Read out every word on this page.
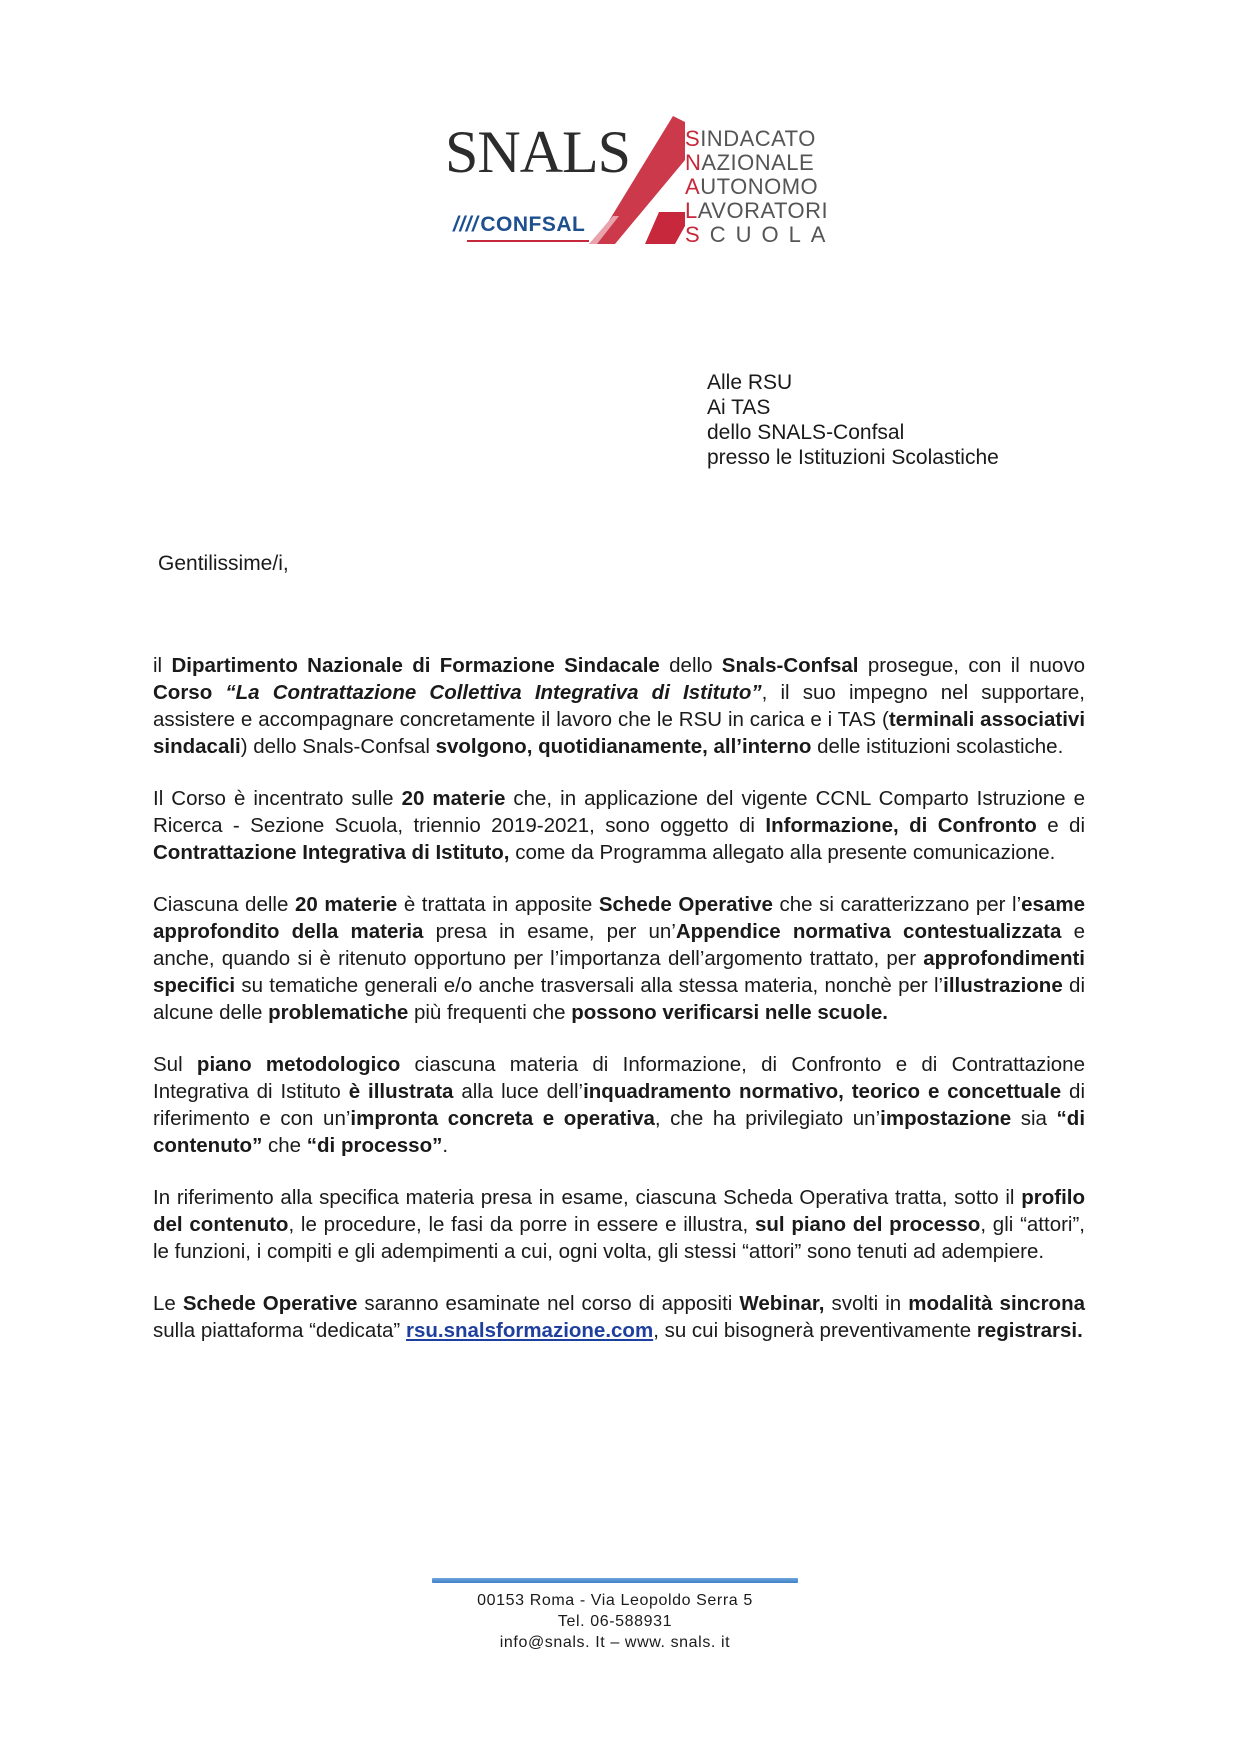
SNALS
////CONFSAL
SINDACATO
NAZIONALE
AUTONOMO
LAVORATORI
SCUOLA
Alle RSU
Ai TAS
dello SNALS-Confsal
presso le Istituzioni Scolastiche
Gentilissime/i,

il Dipartimento Nazionale di Formazione Sindacale dello Snals-Confsal prosegue, con il nuovo Corso “La Contrattazione Collettiva Integrativa di Istituto”, il suo impegno nel supportare, assistere e accompagnare concretamente il lavoro che le RSU in carica e i TAS (terminali associativi sindacali) dello Snals-Confsal svolgono, quotidianamente, all’interno delle istituzioni scolastiche.

Il Corso è incentrato sulle 20 materie che, in applicazione del vigente CCNL Comparto Istruzione e Ricerca - Sezione Scuola, triennio 2019-2021, sono oggetto di Informazione, di Confronto e di Contrattazione Integrativa di Istituto, come da Programma allegato alla presente comunicazione.

Ciascuna delle 20 materie è trattata in apposite Schede Operative che si caratterizzano per l’esame approfondito della materia presa in esame, per un’Appendice normativa contestualizzata e anche, quando si è ritenuto opportuno per l’importanza dell’argomento trattato, per approfondimenti specifici su tematiche generali e/o anche trasversali alla stessa materia, nonchè per l’illustrazione di alcune delle problematiche più frequenti che possono verificarsi nelle scuole.

Sul piano metodologico ciascuna materia di Informazione, di Confronto e di Contrattazione Integrativa di Istituto è illustrata alla luce dell’inquadramento normativo, teorico e concettuale di riferimento e con un’impronta concreta e operativa, che ha privilegiato un’impostazione sia “di contenuto” che “di processo”.

In riferimento alla specifica materia presa in esame, ciascuna Scheda Operativa tratta, sotto il profilo del contenuto, le procedure, le fasi da porre in essere e illustra, sul piano del processo, gli “attori”, le funzioni, i compiti e gli adempimenti a cui, ogni volta, gli stessi “attori” sono tenuti ad adempiere.

Le Schede Operative saranno esaminate nel corso di appositi Webinar, svolti in modalità sincrona sulla piattaforma “dedicata” rsu.snalsformazione.com, su cui bisognerà preventivamente registrarsi.

00153 Roma - Via Leopoldo Serra 5
Tel. 06-588931
info@snals. It – www. snals. it
